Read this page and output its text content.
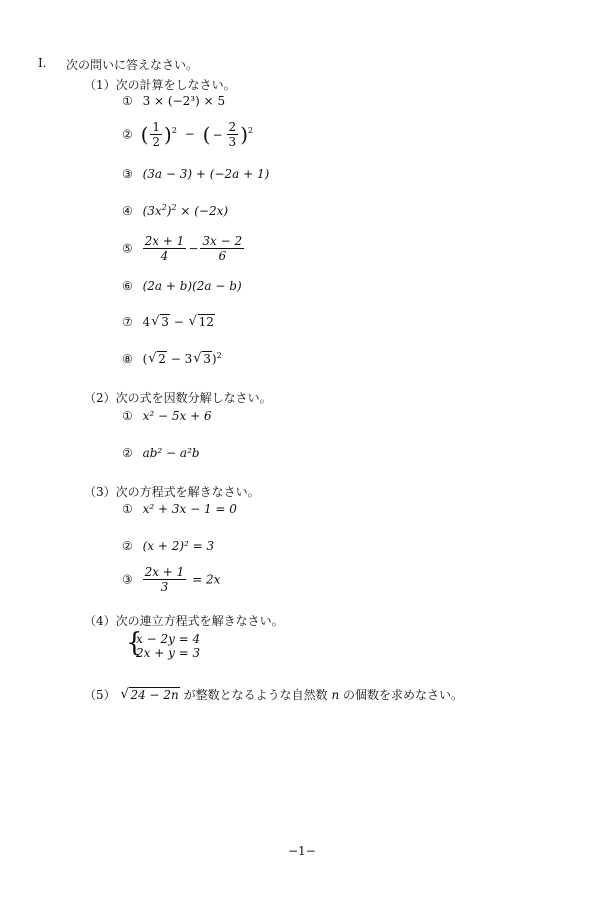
I. 次の問いに答えなさい。
（1）次の計算をしなさい。
① 3 × (−2³) × 5
② ( $\frac{1}{2} )^2$ − ( − $\frac{2}{3} )^2$
③ (3a − 3) + (−2a + 1)
④ $(3x^2)^2 \times (-2x)$
⑤ $\frac{2x + 1}{4} - \frac{3x - 2}{6}$
⑥ (2a + b)(2a − b)
⑦ 4 √ 3 − √ 12
⑧ ( √ 2 − 3 √ 3)$^2$
（2）次の式を因数分解しなさい。
① x² − 5x + 6
② ab² − a²b
（3）次の方程式を解きなさい。
① x² + 3x − 1 = 0
② (x + 2)² = 3
③ $\frac{2x + 1}{3} = 2x$
（4）次の連立方程式を解きなさい。
{
x − 2y = 4
2x + y = 3
（5） √ 24 − 2n が整数となるような自然数 n の個数を求めなさい。
−1−
